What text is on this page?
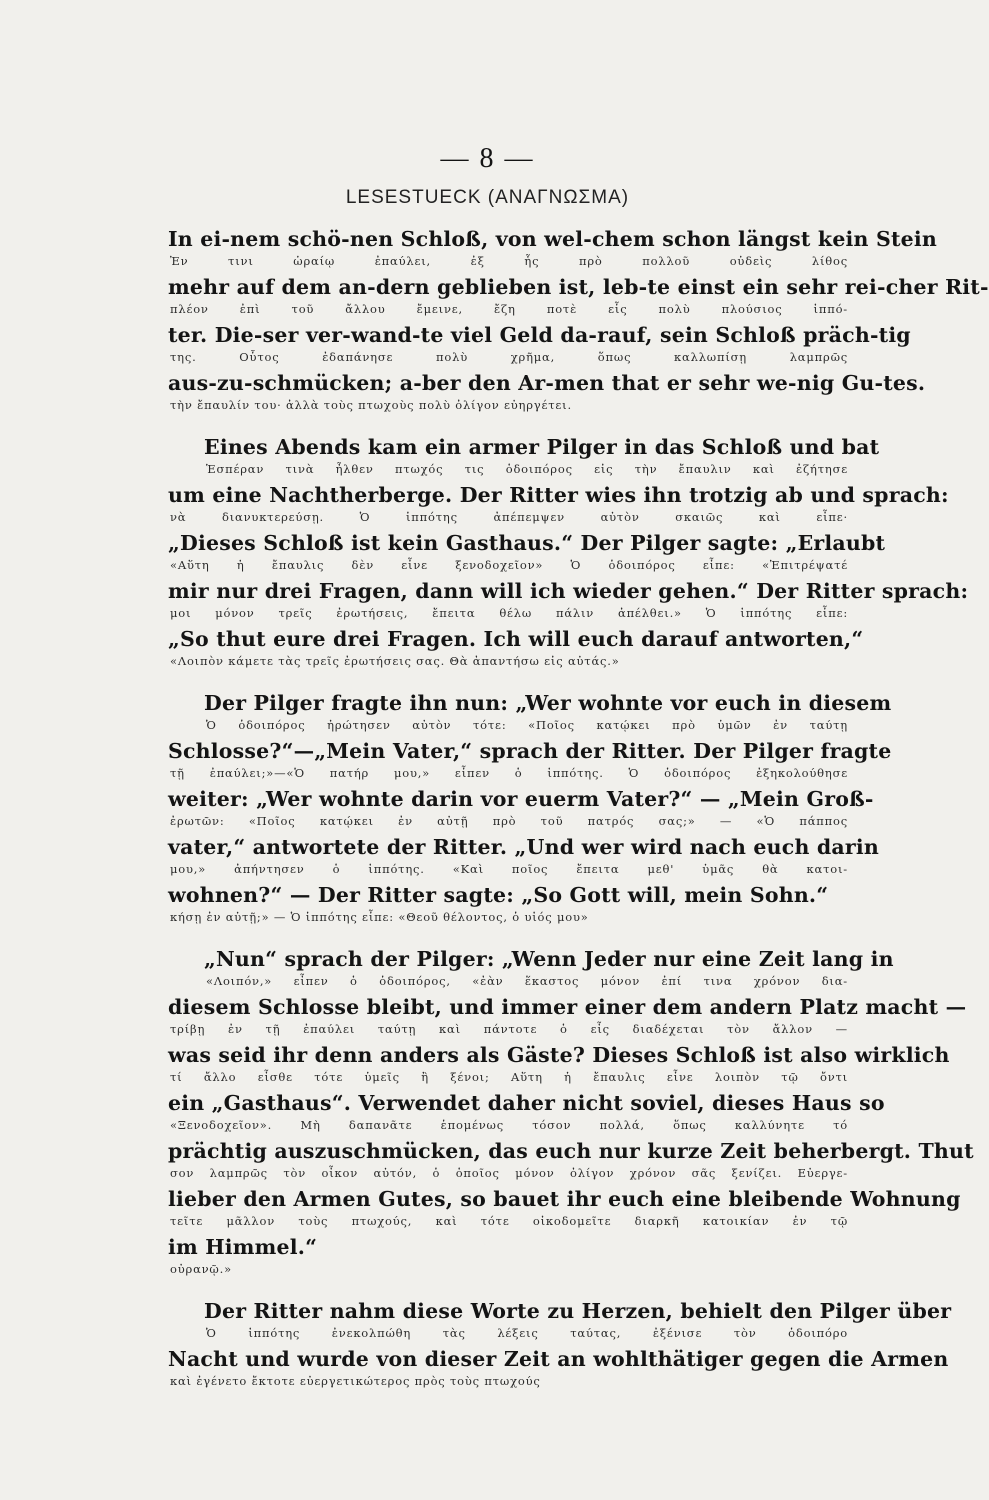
— 8 —
LESESTUECK (ΑΝΑΓΝΩΣΜΑ)
In ei-nem schö-nen Schloß, von wel-chem schon längst kein Stein
Ἐν τινι ὡραίῳ ἐπαύλει, ἐξ ἧς πρὸ πολλοῦ οὐδεὶς λίθος
mehr auf dem an-dern geblieben ist, leb-te einst ein sehr rei-cher Rit-
πλέον ἐπὶ τοῦ ἄλλου ἔμεινε, ἔζη ποτὲ εἷς πολὺ πλούσιος ἱππό-
ter. Die-ser ver-wand-te viel Geld da-rauf, sein Schloß präch-tig
της. Οὗτος ἐδαπάνησε πολὺ χρῆμα, ὅπως καλλωπίσῃ λαμπρῶς
aus-zu-schmücken; a-ber den Ar-men that er sehr we-nig Gu-tes.
τὴν ἔπαυλίν του· ἀλλὰ τοὺς πτωχοὺς πολὺ ὀλίγον εὐηργέτει.
Eines Abends kam ein armer Pilger in das Schloß und bat
Ἑσπέραν τινὰ ἦλθεν πτωχός τις ὁδοιπόρος εἰς τὴν ἔπαυλιν καὶ ἐζήτησε
um eine Nachtherberge. Der Ritter wies ihn trotzig ab und sprach:
νὰ διανυκτερεύσῃ. Ὁ ἱππότης ἀπέπεμψεν αὐτὸν σκαιῶς καὶ εἶπε·
„Dieses Schloß ist kein Gasthaus.“ Der Pilger sagte: „Erlaubt
«Αὕτη ἡ ἔπαυλις δὲν εἶνε ξενοδοχεῖον» Ὁ ὁδοιπόρος εἶπε: «Ἐπιτρέψατέ
mir nur drei Fragen, dann will ich wieder gehen.“ Der Ritter sprach:
μοι μόνον τρεῖς ἐρωτήσεις, ἔπειτα θέλω πάλιν ἀπέλθει.» Ὁ ἱππότης εἶπε:
„So thut eure drei Fragen. Ich will euch darauf antworten,“
«Λοιπὸν κάμετε τὰς τρεῖς ἐρωτήσεις σας. Θὰ ἀπαντήσω εἰς αὐτάς.»
Der Pilger fragte ihn nun: „Wer wohnte vor euch in diesem
Ὁ ὁδοιπόρος ἠρώτησεν αὐτὸν τότε: «Ποῖος κατῴκει πρὸ ὑμῶν ἐν ταύτῃ
Schlosse?“—„Mein Vater,“ sprach der Ritter. Der Pilger fragte
τῇ ἐπαύλει;»—«Ὁ πατήρ μου,» εἶπεν ὁ ἱππότης. Ὁ ὁδοιπόρος ἐξηκολούθησε
weiter: „Wer wohnte darin vor euerm Vater?“ — „Mein Groß-
ἐρωτῶν: «Ποῖος κατῴκει ἐν αὐτῇ πρὸ τοῦ πατρός σας;» — «Ὁ πάππος
vater,“ antwortete der Ritter. „Und wer wird nach euch darin
μου,» ἀπήντησεν ὁ ἱππότης. «Καὶ ποῖος ἔπειτα μεθ' ὑμᾶς θὰ κατοι-
wohnen?“ — Der Ritter sagte: „So Gott will, mein Sohn.“
κήσῃ ἐν αὐτῇ;» — Ὁ ἱππότης εἶπε: «Θεοῦ θέλοντος, ὁ υἱός μου»
„Nun“ sprach der Pilger: „Wenn Jeder nur eine Zeit lang in
«Λοιπόν,» εἶπεν ὁ ὁδοιπόρος, «ἐὰν ἕκαστος μόνον ἐπί τινα χρόνον δια-
diesem Schlosse bleibt, und immer einer dem andern Platz macht —
τρίβῃ ἐν τῇ ἐπαύλει ταύτῃ καὶ πάντοτε ὁ εἷς διαδέχεται τὸν ἄλλον —
was seid ihr denn anders als Gäste? Dieses Schloß ist also wirklich
τί ἄλλο εἶσθε τότε ὑμεῖς ἢ ξένοι; Αὕτη ἡ ἔπαυλις εἶνε λοιπὸν τῷ ὄντι
ein „Gasthaus“. Verwendet daher nicht soviel, dieses Haus so
«Ξενοδοχεῖον». Μὴ δαπανᾶτε ἑπομένως τόσον πολλά, ὅπως καλλύνητε τό
prächtig auszuschmücken, das euch nur kurze Zeit beherbergt. Thut
σον λαμπρῶς τὸν οἶκον αὐτόν, ὁ ὁποῖος μόνον ὀλίγον χρόνον σᾶς ξενίζει. Εὐεργε-
lieber den Armen Gutes, so bauet ihr euch eine bleibende Wohnung
τεῖτε μᾶλλον τοὺς πτωχούς, καὶ τότε οἰκοδομεῖτε διαρκῆ κατοικίαν ἐν τῷ
im Himmel.“
οὐρανῷ.»
Der Ritter nahm diese Worte zu Herzen, behielt den Pilger über
Ὁ ἱππότης ἐνεκολπώθη τὰς λέξεις ταύτας, ἐξένισε τὸν ὁδοιπόρο
Nacht und wurde von dieser Zeit an wohlthätiger gegen die Armen
καὶ ἐγένετο ἔκτοτε εὐεργετικώτερος πρὸς τοὺς πτωχούς
